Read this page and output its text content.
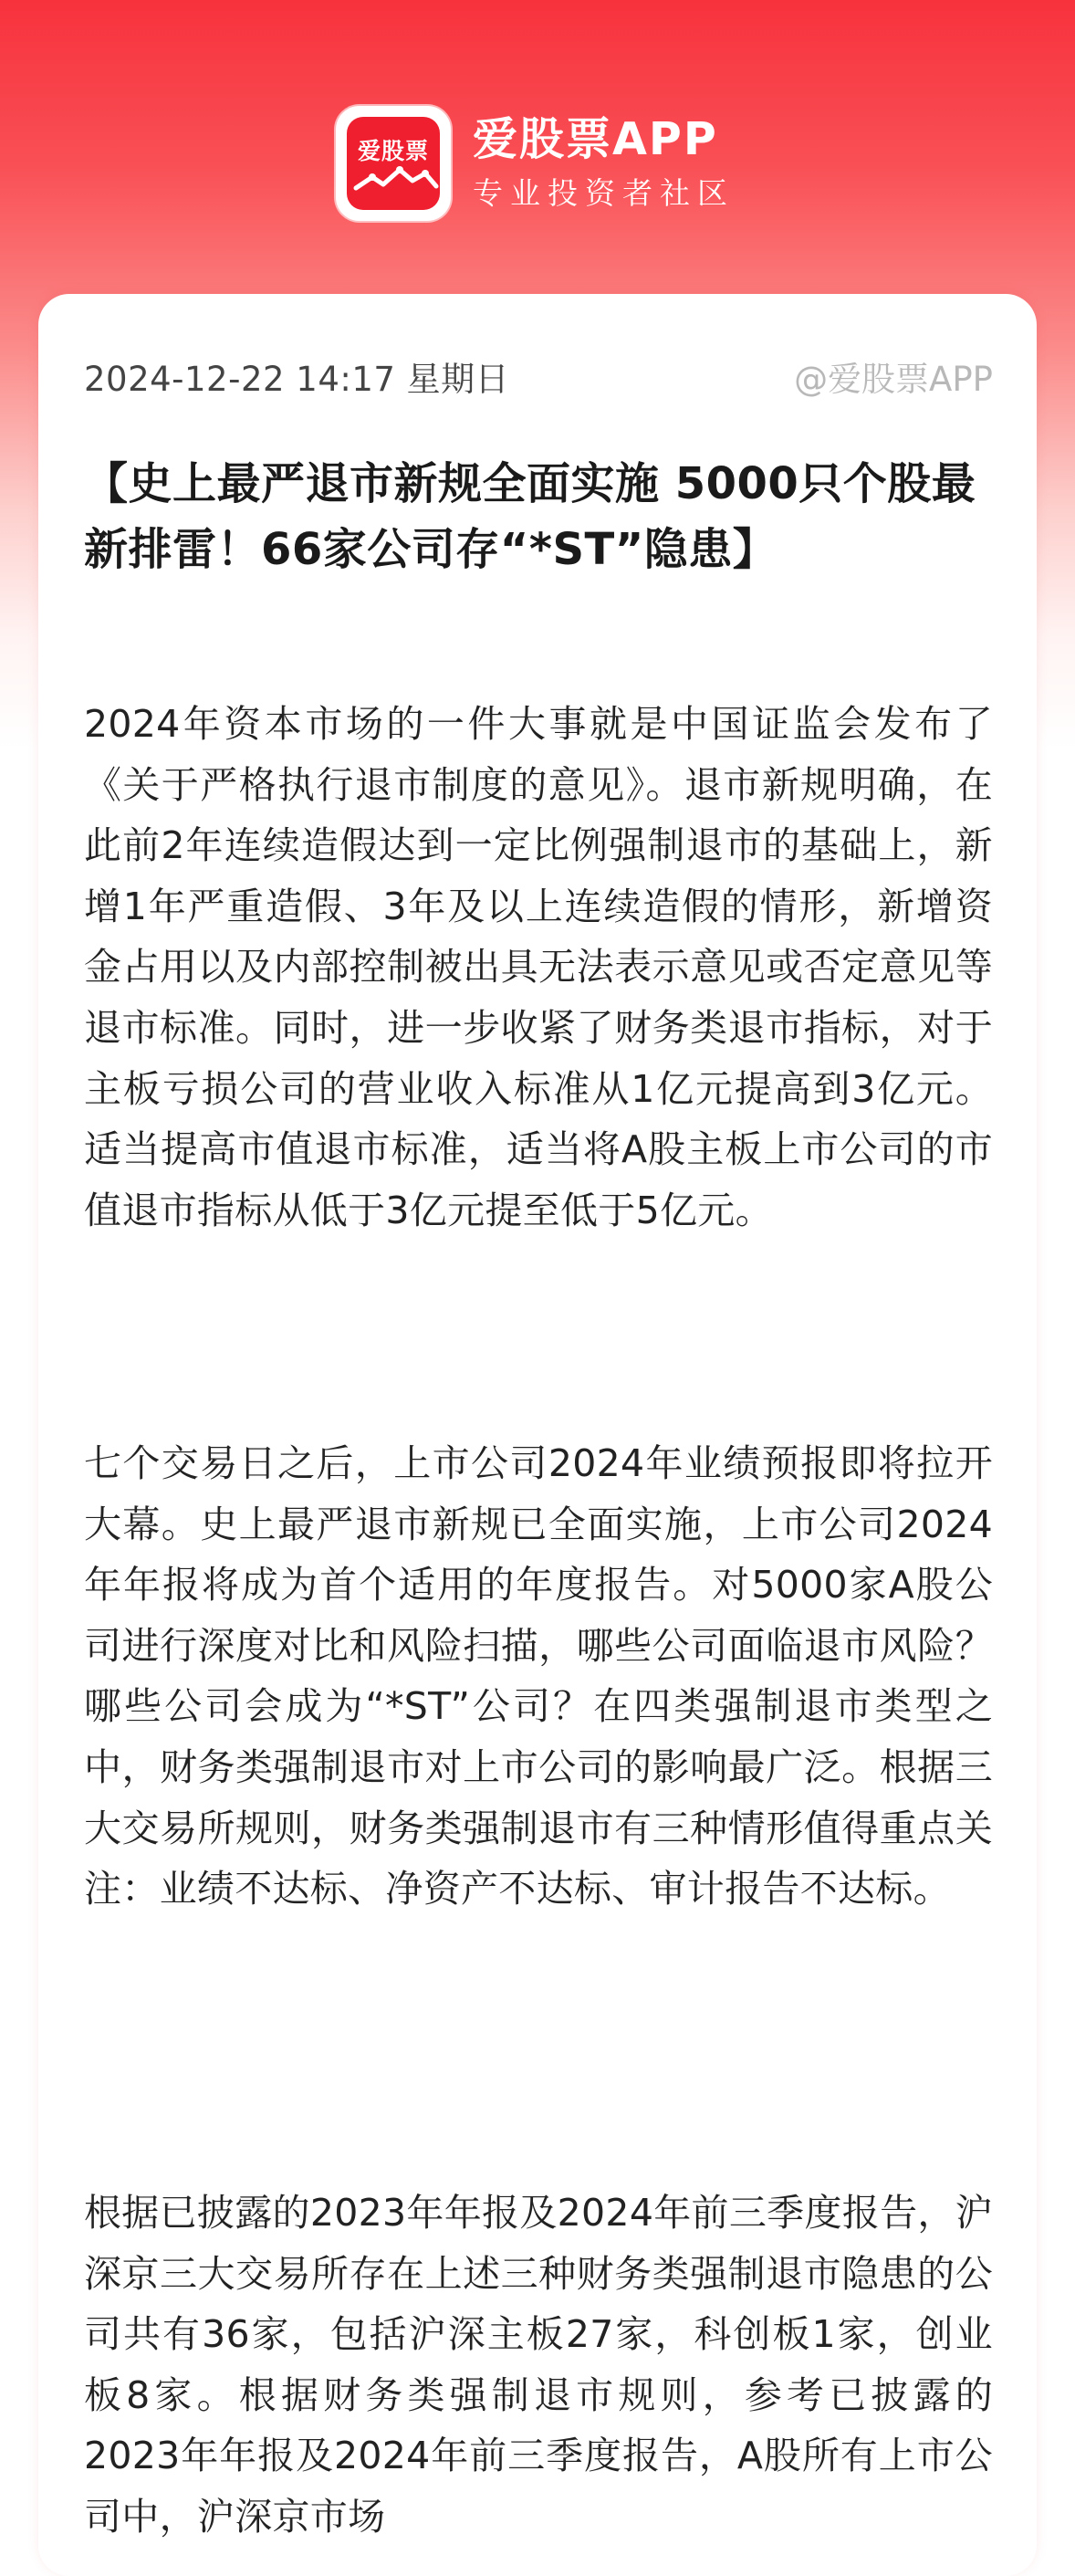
爱股票 爱股票APP
专业投资者社区
2024-12-22 14:17 星期日	@爱股票APP
【史上最严退市新规全面实施 5000只个股最新排雷！66家公司存“*ST”隐患】

2024年资本市场的一件大事就是中国证监会发布了《关于严格执行退市制度的意见》。退市新规明确，在此前2年连续造假达到一定比例强制退市的基础上，新增1年严重造假、3年及以上连续造假的情形，新增资金占用以及内部控制被出具无法表示意见或否定意见等退市标准。同时，进一步收紧了财务类退市指标，对于主板亏损公司的营业收入标准从1亿元提高到3亿元。适当提高市值退市标准，适当将A股主板上市公司的市值退市指标从低于3亿元提至低于5亿元。

七个交易日之后，上市公司2024年业绩预报即将拉开大幕。史上最严退市新规已全面实施，上市公司2024年年报将成为首个适用的年度报告。对5000家A股公司进行深度对比和风险扫描，哪些公司面临退市风险？哪些公司会成为“*ST”公司？在四类强制退市类型之中，财务类强制退市对上市公司的影响最广泛。根据三大交易所规则，财务类强制退市有三种情形值得重点关注：业绩不达标、净资产不达标、审计报告不达标。

根据已披露的2023年年报及2024年前三季度报告，沪深京三大交易所存在上述三种财务类强制退市隐患的公司共有36家，包括沪深主板27家，科创板1家，创业板8家。根据财务类强制退市规则，参考已披露的2023年年报及2024年前三季度报告，A股所有上市公司中，沪深京市场
